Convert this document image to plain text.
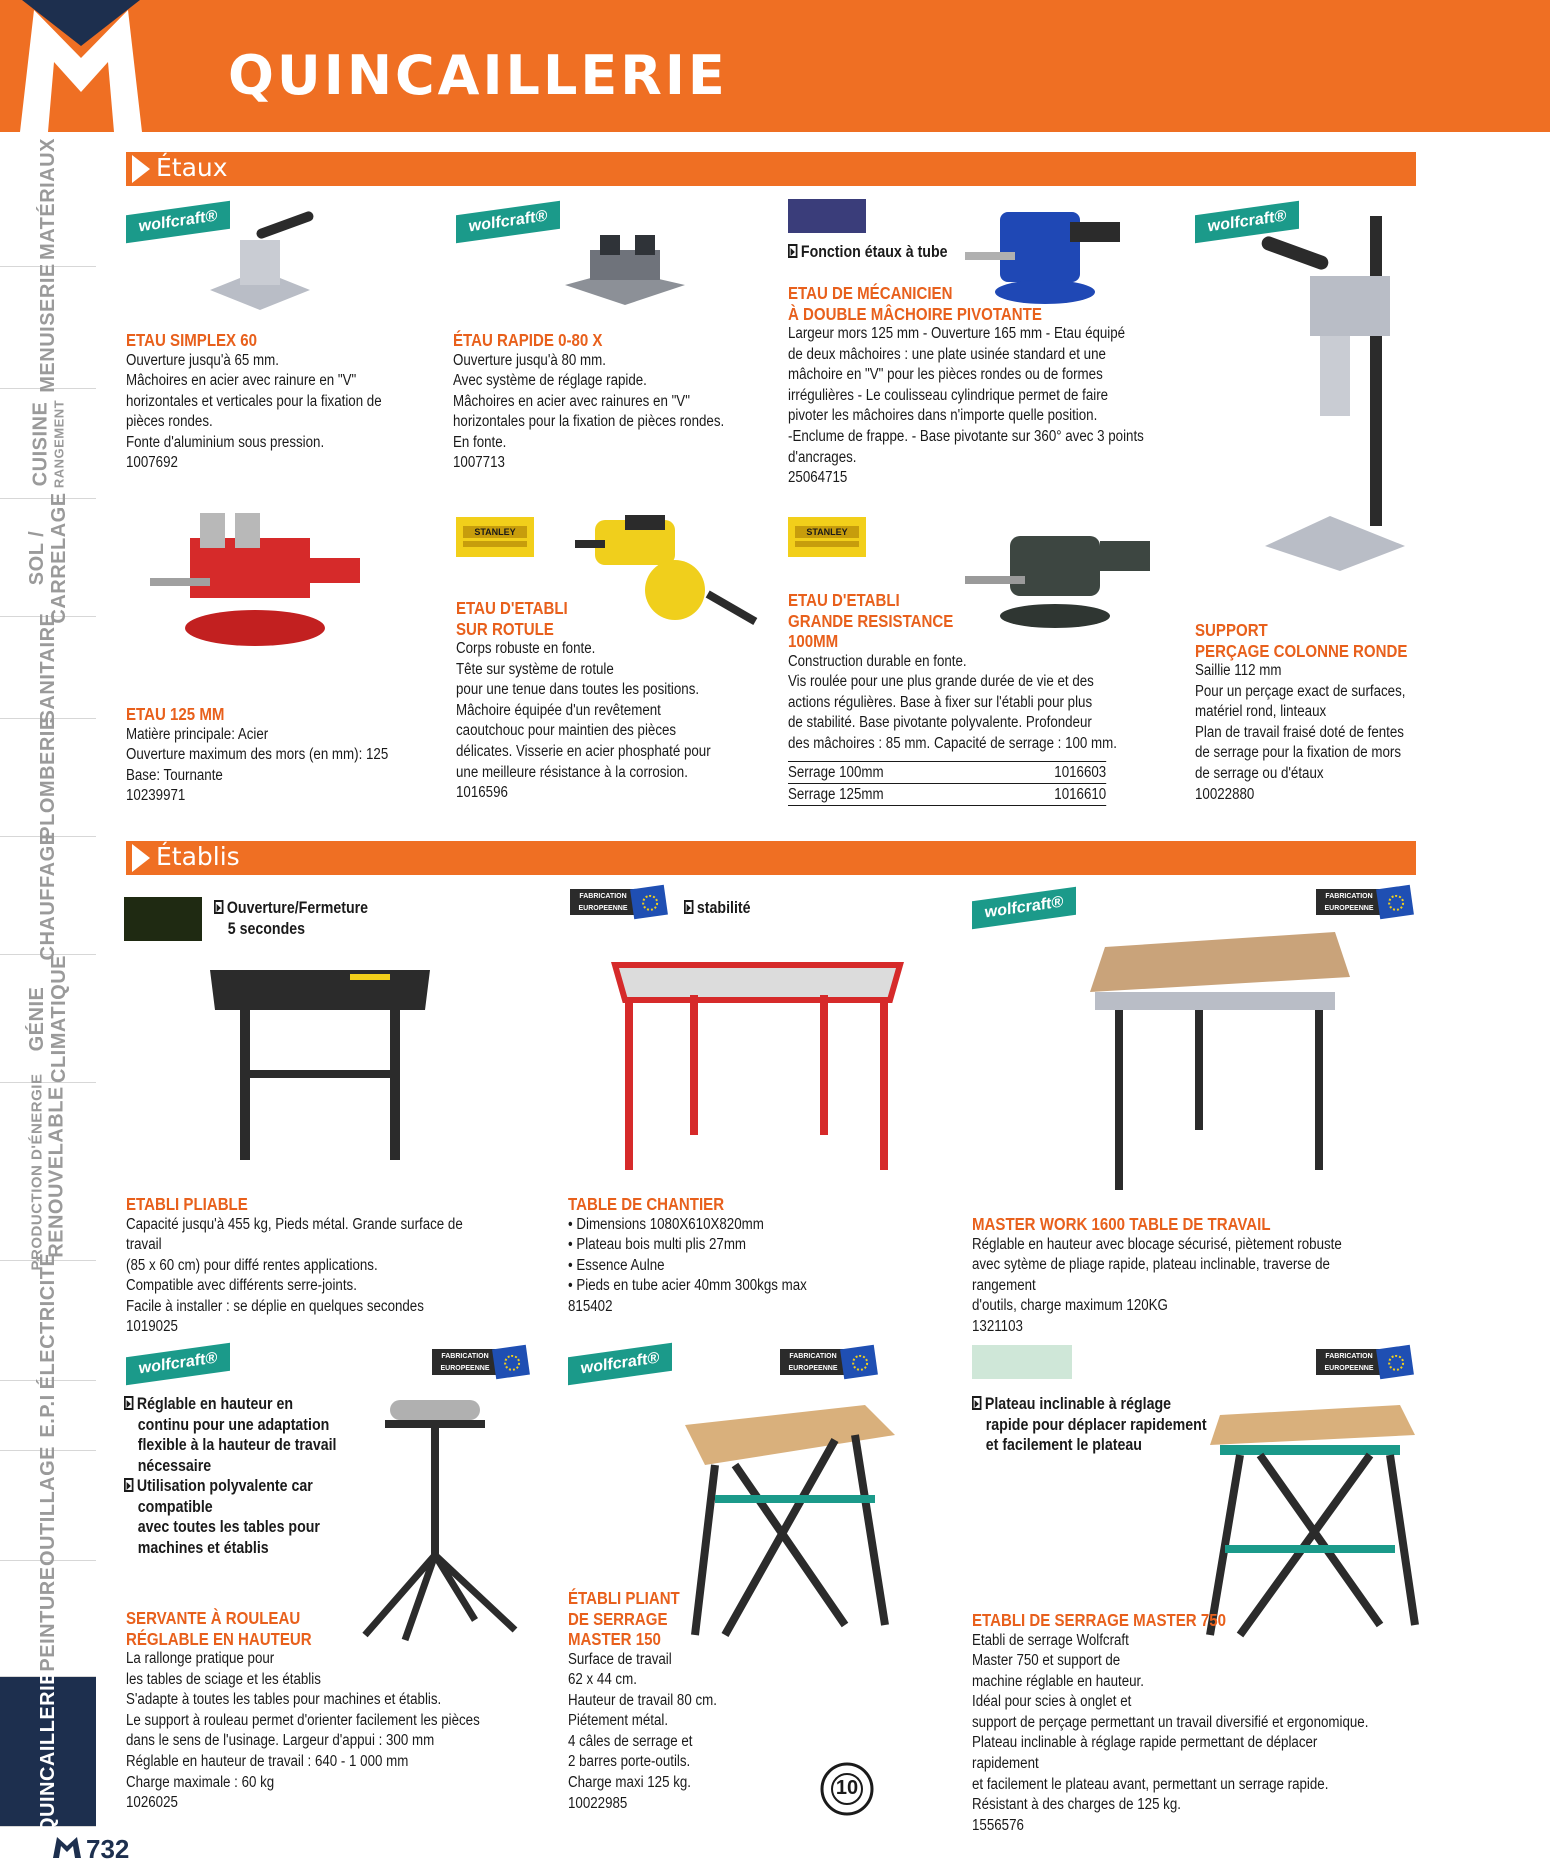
QUINCAILLERIE
MATÉRIAUX
MENUISERIE
CUISINE RANGEMENT
SOL / CARRELAGE
SANITAIRE
PLOMBERIE
CHAUFFAGE
GÉNIE CLIMATIQUE
PRODUCTION D'ÉNERGIE RENOUVELABLE
ÉLECTRICITÉ
E.P.I
OUTILLAGE
PEINTURE
QUINCAILLERIE
Étaux
wolfcraft®
ETAU SIMPLEX 60
Ouverture jusqu'à 65 mm.
Mâchoires en acier avec rainure en "V"
horizontales et verticales pour la fixation de
pièces rondes.
Fonte d'aluminium sous pression.
1007692
wolfcraft®
ÉTAU RAPIDE 0-80 X
Ouverture jusqu'à 80 mm.
Avec système de réglage rapide.
Mâchoires en acier avec rainures en "V"
horizontales pour la fixation de pièces rondes.
En fonte.
1007713
Fonction étaux à tube
ETAU DE MÉCANICIEN
À DOUBLE MÂCHOIRE PIVOTANTE
Largeur mors 125 mm - Ouverture 165 mm - Etau équipé
de deux mâchoires : une plate usinée standard et une
mâchoire en "V" pour les pièces rondes ou de formes
irrégulières - Le coulisseau cylindrique permet de faire
pivoter les mâchoires dans n'importe quelle position.
-Enclume de frappe. - Base pivotante sur 360° avec 3 points
d'ancrages.
25064715
wolfcraft®
ETAU 125 MM
Matière principale: Acier
Ouverture maximum des mors (en mm): 125
Base: Tournante
10239971
STANLEY
ETAU D'ETABLI
SUR ROTULE
Corps robuste en fonte.
Tête sur système de rotule
pour une tenue dans toutes les positions.
Mâchoire équipée d'un revêtement
caoutchouc pour maintien des pièces
délicates. Visserie en acier phosphaté pour
une meilleure résistance à la corrosion.
1016596
STANLEY
ETAU D'ETABLI
GRANDE RESISTANCE
100MM
Construction durable en fonte.
Vis roulée pour une plus grande durée de vie et des
actions régulières. Base à fixer sur l'établi pour plus
de stabilité. Base pivotante polyvalente. Profondeur
des mâchoires : 85 mm. Capacité de serrage : 100 mm.
Serrage 100mm	1016603
Serrage 125mm	1016610
SUPPORT
PERÇAGE COLONNE RONDE
Saillie 112 mm
Pour un perçage exact de surfaces,
matériel rond, linteaux
Plan de travail fraisé doté de fentes
de serrage pour la fixation de mors
de serrage ou d'étaux
10022880
Établis
Ouverture/Fermeture
5 secondes
ETABLI PLIABLE
Capacité jusqu'à 455 kg, Pieds métal. Grande surface de travail
(85 x 60 cm) pour diffé rentes applications.
Compatible avec différents serre-joints.
Facile à installer : se déplie en quelques secondes
1019025
FABRICATION EUROPEENNE	stabilité
TABLE DE CHANTIER
• Dimensions 1080X610X820mm
• Plateau bois multi plis 27mm
• Essence Aulne
• Pieds en tube acier 40mm 300kgs max
815402
wolfcraft®	FABRICATION EUROPEENNE
MASTER WORK 1600 TABLE DE TRAVAIL
Réglable en hauteur avec blocage sécurisé, piètement robuste
avec sytème de pliage rapide, plateau inclinable, traverse de rangement
d'outils, charge maximum 120KG
1321103
wolfcraft®	FABRICATION EUROPEENNE
Réglable en hauteur en
continu pour une adaptation
flexible à la hauteur de travail
nécessaire
Utilisation polyvalente car
compatible
avec toutes les tables pour
machines et établis
SERVANTE À ROULEAU
RÉGLABLE EN HAUTEUR
La rallonge pratique pour
les tables de sciage et les établis
S'adapte à toutes les tables pour machines et établis.
Le support à rouleau permet d'orienter facilement les pièces
dans le sens de l'usinage. Largeur d'appui : 300 mm
Réglable en hauteur de travail : 640 - 1 000 mm
Charge maximale : 60 kg
1026025
wolfcraft®	FABRICATION EUROPEENNE
ÉTABLI PLIANT
DE SERRAGE
MASTER 150
Surface de travail
62 x 44 cm.
Hauteur de travail 80 cm.
Piétement métal.
4 câles de serrage et
2 barres porte-outils.
Charge maxi 125 kg.
10022985
10
FABRICATION EUROPEENNE
Plateau inclinable à réglage
rapide pour déplacer rapidement
et facilement le plateau
ETABLI DE SERRAGE MASTER 750
Etabli de serrage Wolfcraft
Master 750 et support de
machine réglable en hauteur.
Idéal pour scies à onglet et
support de perçage permettant un travail diversifié et ergonomique.
Plateau inclinable à réglage rapide permettant de déplacer rapidement
et facilement le plateau avant, permettant un serrage rapide.
Résistant à des charges de 125 kg.
1556576
732
